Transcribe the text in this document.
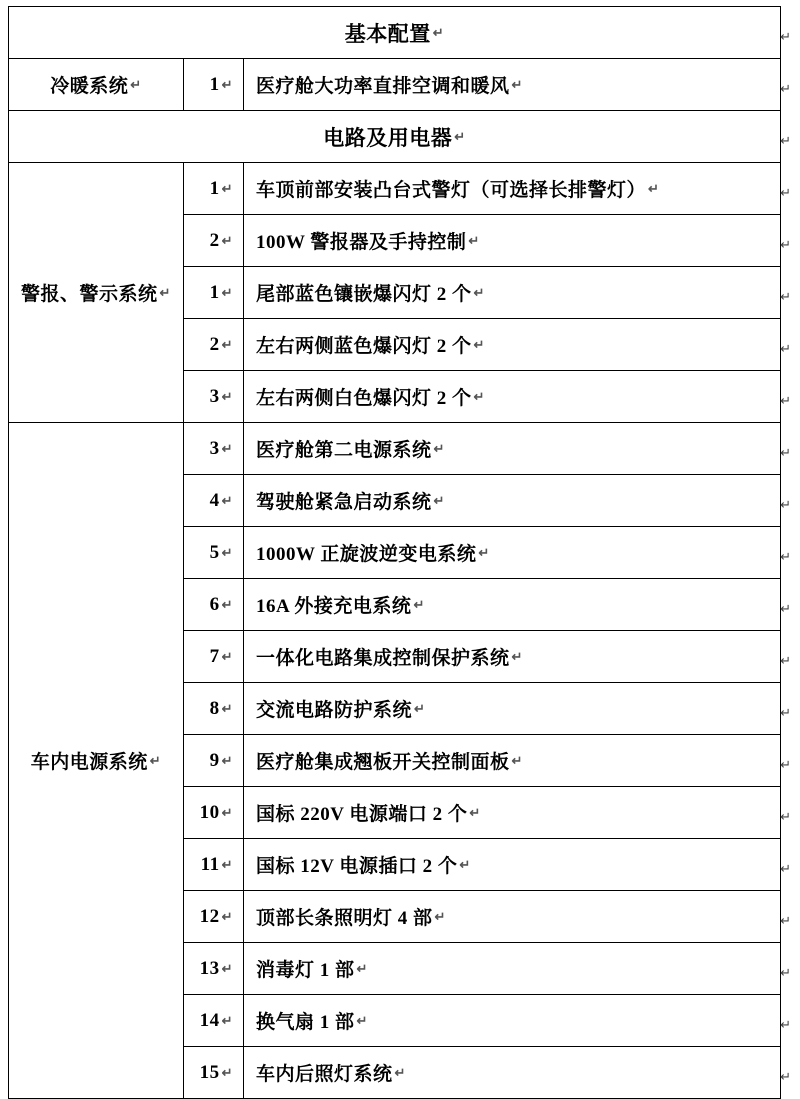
基本配置 ↵		

冷暖系统 ↵	1 ↵	医疗舱大功率直排空调和暖风 ↵

电路及用电器 ↵		

警报、警示系统 ↵	1 ↵	车顶前部安装凸台式警灯（可选择长排警灯） ↵

	2 ↵	100W 警报器及手持控制 ↵

	1 ↵	尾部蓝色镶嵌爆闪灯 2 个 ↵

	2 ↵	左右两侧蓝色爆闪灯 2 个 ↵

	3 ↵	左右两侧白色爆闪灯 2 个 ↵

车内电源系统 ↵	3 ↵	医疗舱第二电源系统 ↵

	4 ↵	驾驶舱紧急启动系统 ↵

	5 ↵	1000W 正旋波逆变电系统 ↵

	6 ↵	16A 外接充电系统 ↵

	7 ↵	一体化电路集成控制保护系统 ↵

	8 ↵	交流电路防护系统 ↵

	9 ↵	医疗舱集成翘板开关控制面板 ↵

	10 ↵	国标 220V 电源端口 2 个 ↵

	11 ↵	国标 12V 电源插口 2 个 ↵

	12 ↵	顶部长条照明灯 4 部 ↵

	13 ↵	消毒灯 1 部 ↵

	14 ↵	换气扇 1 部 ↵

	15 ↵	车内后照灯系统 ↵
↵
↵
↵
↵
↵
↵
↵
↵
↵
↵
↵
↵
↵
↵
↵
↵
↵
↵
↵
↵
↵
